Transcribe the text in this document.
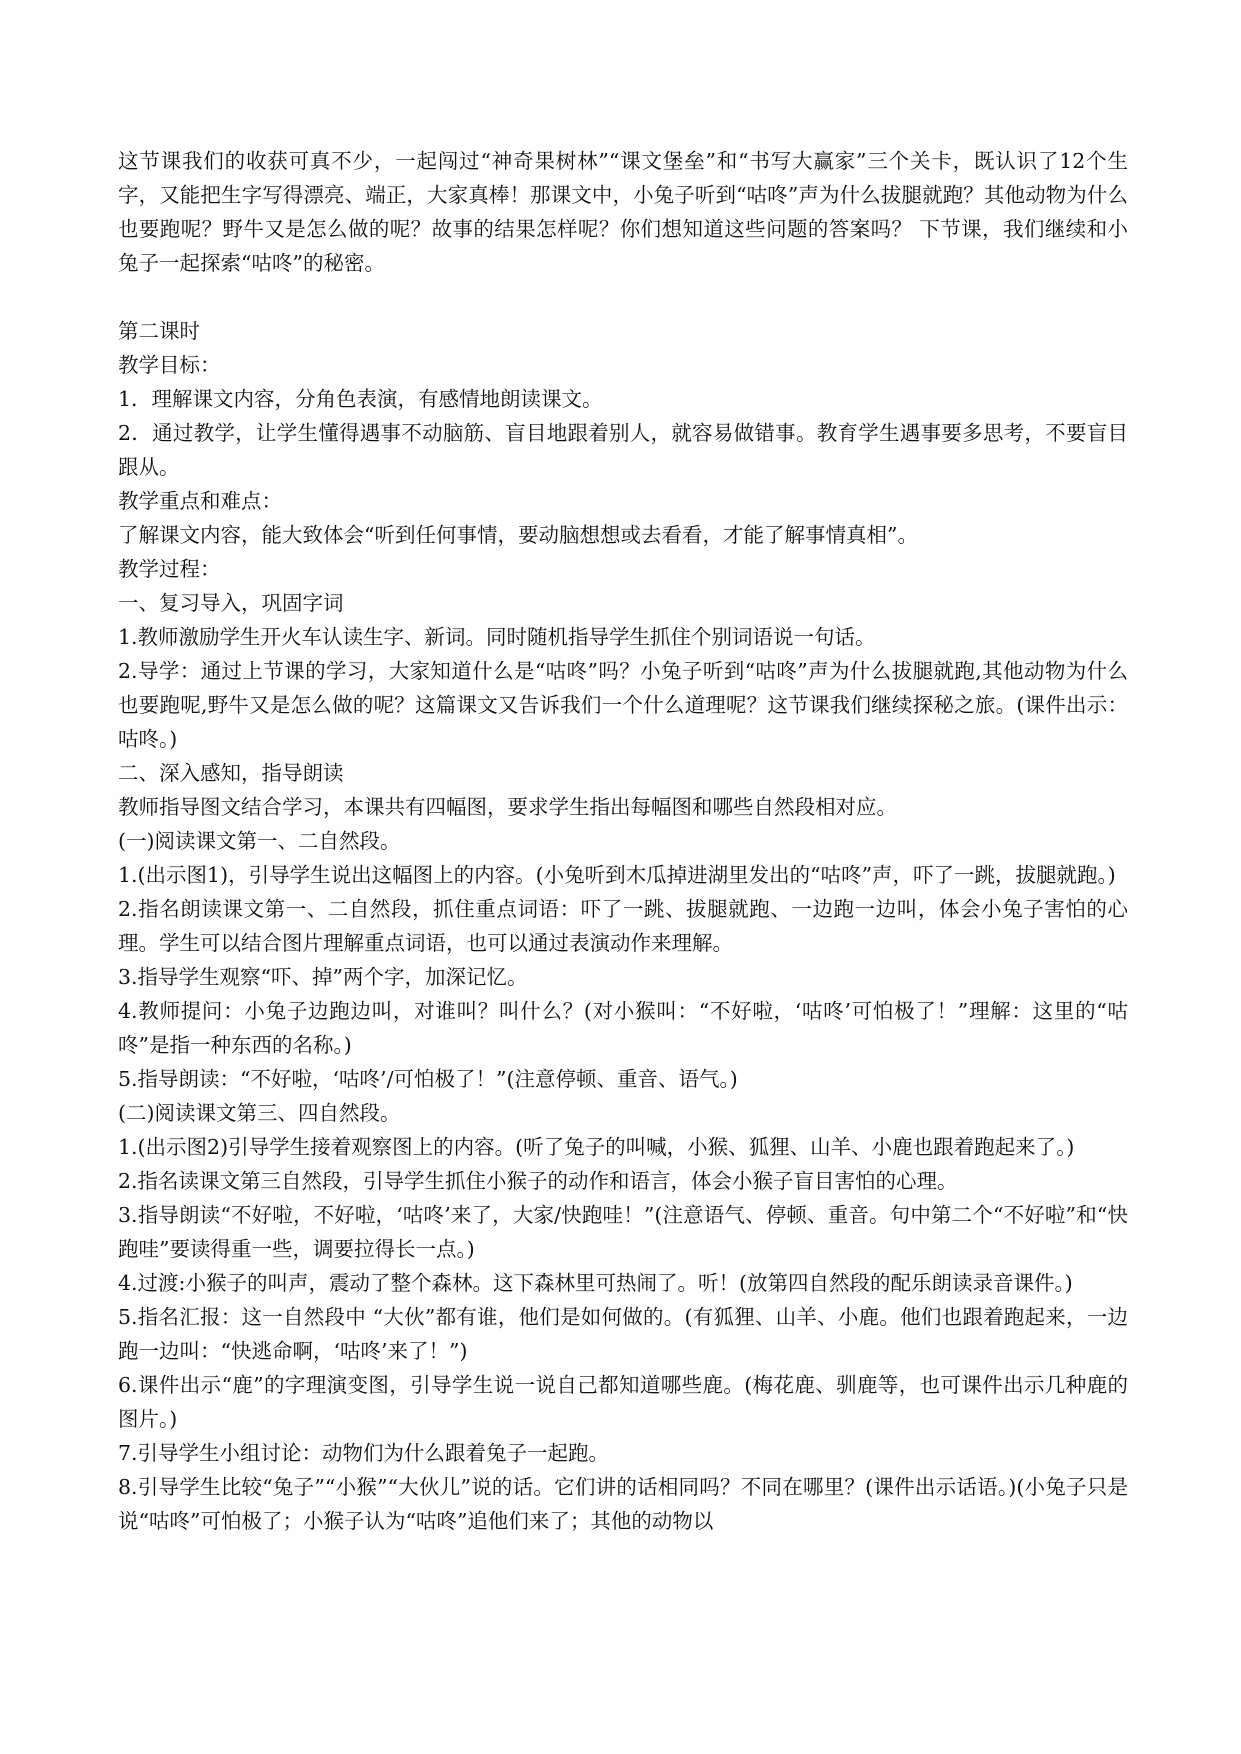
这节课我们的收获可真不少，一起闯过“神奇果树林”“课文堡垒”和“书写大赢家”三个关卡，既认识了12个生字，又能把生字写得漂亮、端正，大家真棒！那课文中，小兔子听到“咕咚”声为什么拔腿就跑？其他动物为什么也要跑呢？野牛又是怎么做的呢？故事的结果怎样呢？你们想知道这些问题的答案吗？ 下节课，我们继续和小兔子一起探索“咕咚”的秘密。

第二课时

教学目标：

1．理解课文内容，分角色表演，有感情地朗读课文。

2．通过教学，让学生懂得遇事不动脑筋、盲目地跟着别人，就容易做错事。教育学生遇事要多思考，不要盲目跟从。

教学重点和难点：

了解课文内容，能大致体会“听到任何事情，要动脑想想或去看看，才能了解事情真相”。

教学过程：

一、复习导入，巩固字词

1.教师激励学生开火车认读生字、新词。同时随机指导学生抓住个别词语说一句话。

2.导学：通过上节课的学习，大家知道什么是“咕咚”吗？小兔子听到“咕咚”声为什么拔腿就跑,其他动物为什么也要跑呢,野牛又是怎么做的呢？这篇课文又告诉我们一个什么道理呢？这节课我们继续探秘之旅。(课件出示：咕咚。)

二、深入感知，指导朗读

教师指导图文结合学习，本课共有四幅图，要求学生指出每幅图和哪些自然段相对应。

(一)阅读课文第一、二自然段。

1.(出示图1)，引导学生说出这幅图上的内容。(小兔听到木瓜掉进湖里发出的“咕咚”声，吓了一跳，拔腿就跑。)

2.指名朗读课文第一、二自然段，抓住重点词语：吓了一跳、拔腿就跑、一边跑一边叫，体会小兔子害怕的心理。学生可以结合图片理解重点词语，也可以通过表演动作来理解。

3.指导学生观察“吓、掉”两个字，加深记忆。

4.教师提问：小兔子边跑边叫，对谁叫？叫什么？(对小猴叫：“不好啦，‘咕咚’可怕极了！”理解：这里的“咕咚”是指一种东西的名称。)

5.指导朗读：“不好啦，‘咕咚’/可怕极了！”(注意停顿、重音、语气。)

(二)阅读课文第三、四自然段。

1.(出示图2)引导学生接着观察图上的内容。(听了兔子的叫喊，小猴、狐狸、山羊、小鹿也跟着跑起来了。)

2.指名读课文第三自然段，引导学生抓住小猴子的动作和语言，体会小猴子盲目害怕的心理。

3.指导朗读“不好啦，不好啦，‘咕咚’来了，大家/快跑哇！”(注意语气、停顿、重音。句中第二个“不好啦”和“快跑哇”要读得重一些，调要拉得长一点。)

4.过渡:小猴子的叫声，震动了整个森林。这下森林里可热闹了。听！(放第四自然段的配乐朗读录音课件。)

5.指名汇报：这一自然段中 “大伙”都有谁，他们是如何做的。(有狐狸、山羊、小鹿。他们也跟着跑起来，一边跑一边叫：“快逃命啊，‘咕咚’来了！”)

6.课件出示“鹿”的字理演变图，引导学生说一说自己都知道哪些鹿。(梅花鹿、驯鹿等，也可课件出示几种鹿的图片。)

7.引导学生小组讨论：动物们为什么跟着兔子一起跑。

8.引导学生比较“兔子”“小猴”“大伙儿”说的话。它们讲的话相同吗？不同在哪里？(课件出示话语。)(小兔子只是说“咕咚”可怕极了；小猴子认为“咕咚”追他们来了；其他的动物以
